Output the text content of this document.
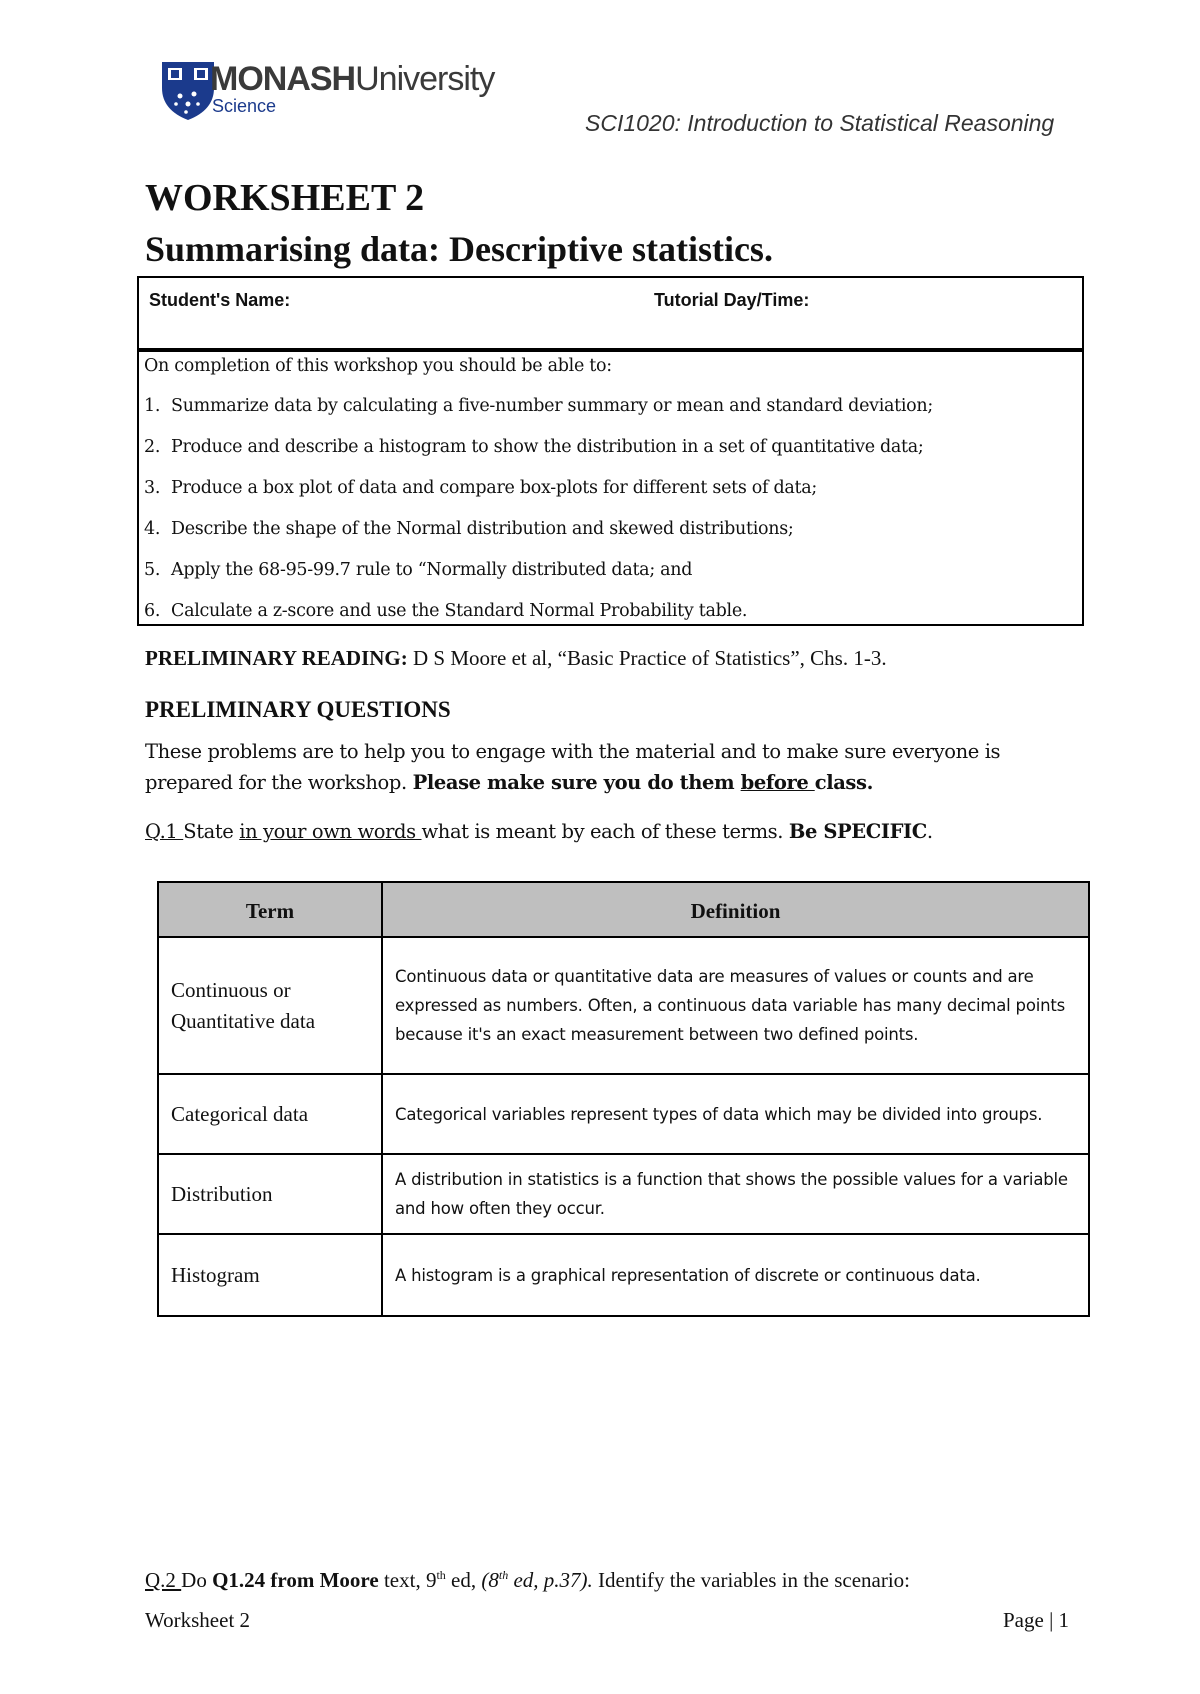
MONASHUniversity
Science
SCI1020: Introduction to Statistical Reasoning
WORKSHEET 2
Summarising data: Descriptive statistics.
Student's Name:	Tutorial Day/Time:
On completion of this workshop you should be able to:
1. Summarize data by calculating a five-number summary or mean and standard deviation;
2. Produce and describe a histogram to show the distribution in a set of quantitative data;
3. Produce a box plot of data and compare box-plots for different sets of data;
4. Describe the shape of the Normal distribution and skewed distributions;
5. Apply the 68-95-99.7 rule to “Normally distributed data; and
6. Calculate a z-score and use the Standard Normal Probability table.
PRELIMINARY READING: D S Moore et al, “Basic Practice of Statistics”, Chs. 1-3.
PRELIMINARY QUESTIONS
These problems are to help you to engage with the material and to make sure everyone is prepared for the workshop. Please make sure you do them before class.
Q.1 State in your own words what is meant by each of these terms. Be SPECIFIC.
Term	Definition
Continuous or Quantitative data	Continuous data or quantitative data are measures of values or counts and are expressed as numbers. Often, a continuous data variable has many decimal points because it's an exact measurement between two defined points.
Categorical data	Categorical variables represent types of data which may be divided into groups.
Distribution	A distribution in statistics is a function that shows the possible values for a variable and how often they occur.
Histogram	A histogram is a graphical representation of discrete or continuous data.
Q.2 Do Q1.24 from Moore text, 9th ed, (8th ed, p.37). Identify the variables in the scenario:
Worksheet 2	Page | 1
